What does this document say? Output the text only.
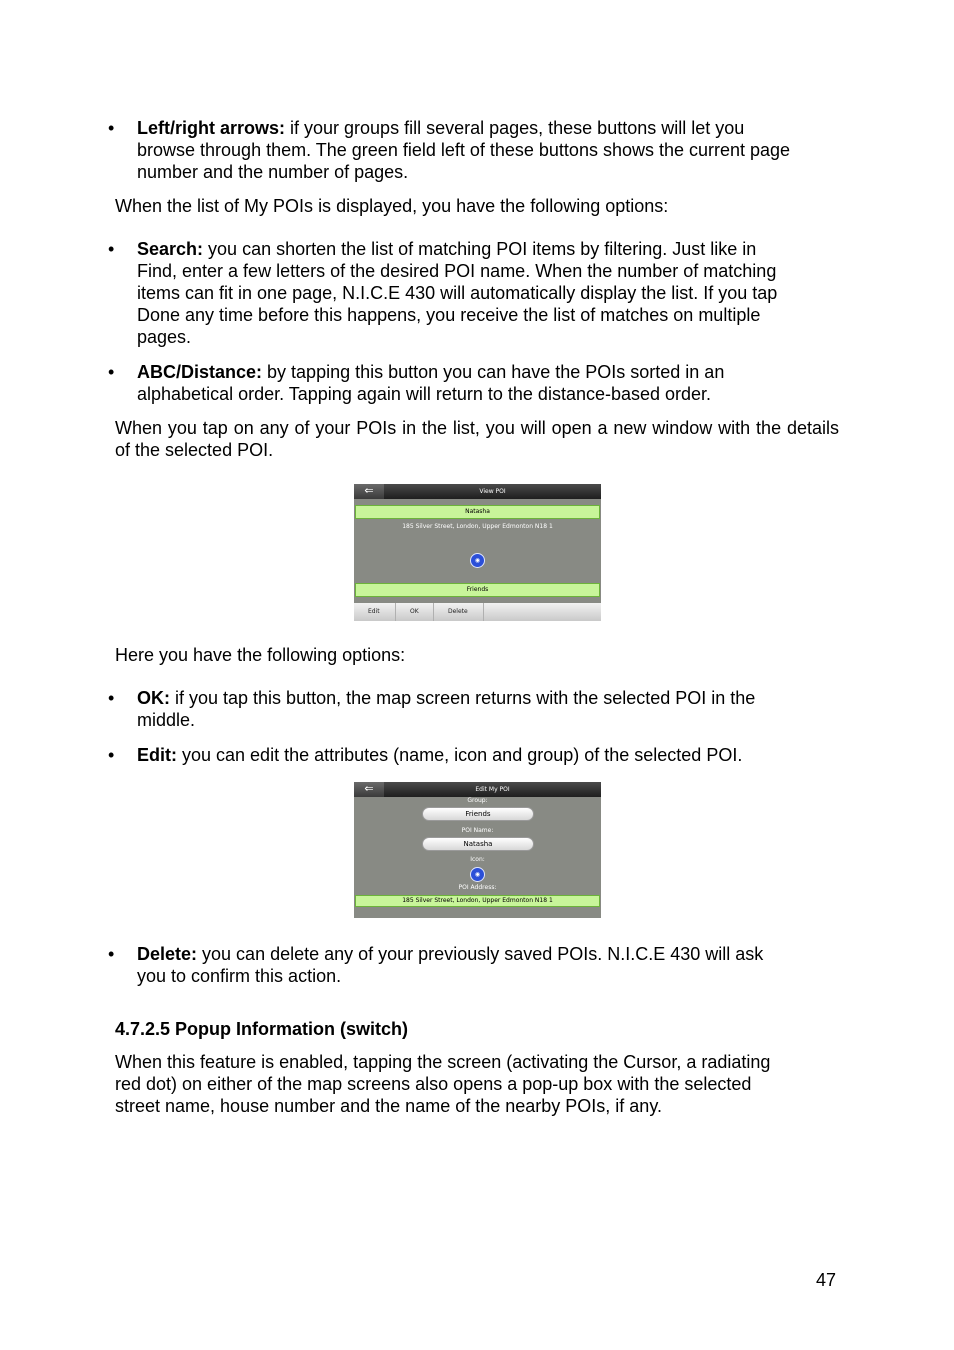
•	Left/right arrows: if your groups fill several pages, these buttons will let you
browse through them. The green field left of these buttons shows the current page
number and the number of pages.
When the list of My POIs is displayed, you have the following options:
•	Search: you can shorten the list of matching POI items by filtering. Just like in
Find, enter a few letters of the desired POI name. When the number of matching
items can fit in one page, N.I.C.E 430 will automatically display the list. If you tap
Done any time before this happens, you receive the list of matches on multiple
pages.
•	ABC/Distance: by tapping this button you can have the POIs sorted in an
alphabetical order. Tapping again will return to the distance-based order.
When you tap on any of your POIs in the list, you will open a new window with the details of the selected POI.
⇐	View POI
Natasha
185 Silver Street, London, Upper Edmonton N18 1
◉
Friends
Edit	OK	Delete
Here you have the following options:
•	OK: if you tap this button, the map screen returns with the selected POI in the
middle.
•	Edit: you can edit the attributes (name, icon and group) of the selected POI.
⇐	Edit My POI
Group:
Friends
POI Name:
Natasha
Icon:
◉
POI Address:
185 Silver Street, London, Upper Edmonton N18 1
•	Delete: you can delete any of your previously saved POIs. N.I.C.E 430 will ask
you to confirm this action.
4.7.2.5 Popup Information (switch)
When this feature is enabled, tapping the screen (activating the Cursor, a radiating
red dot) on either of the map screens also opens a pop-up box with the selected
street name, house number and the name of the nearby POIs, if any.
47
